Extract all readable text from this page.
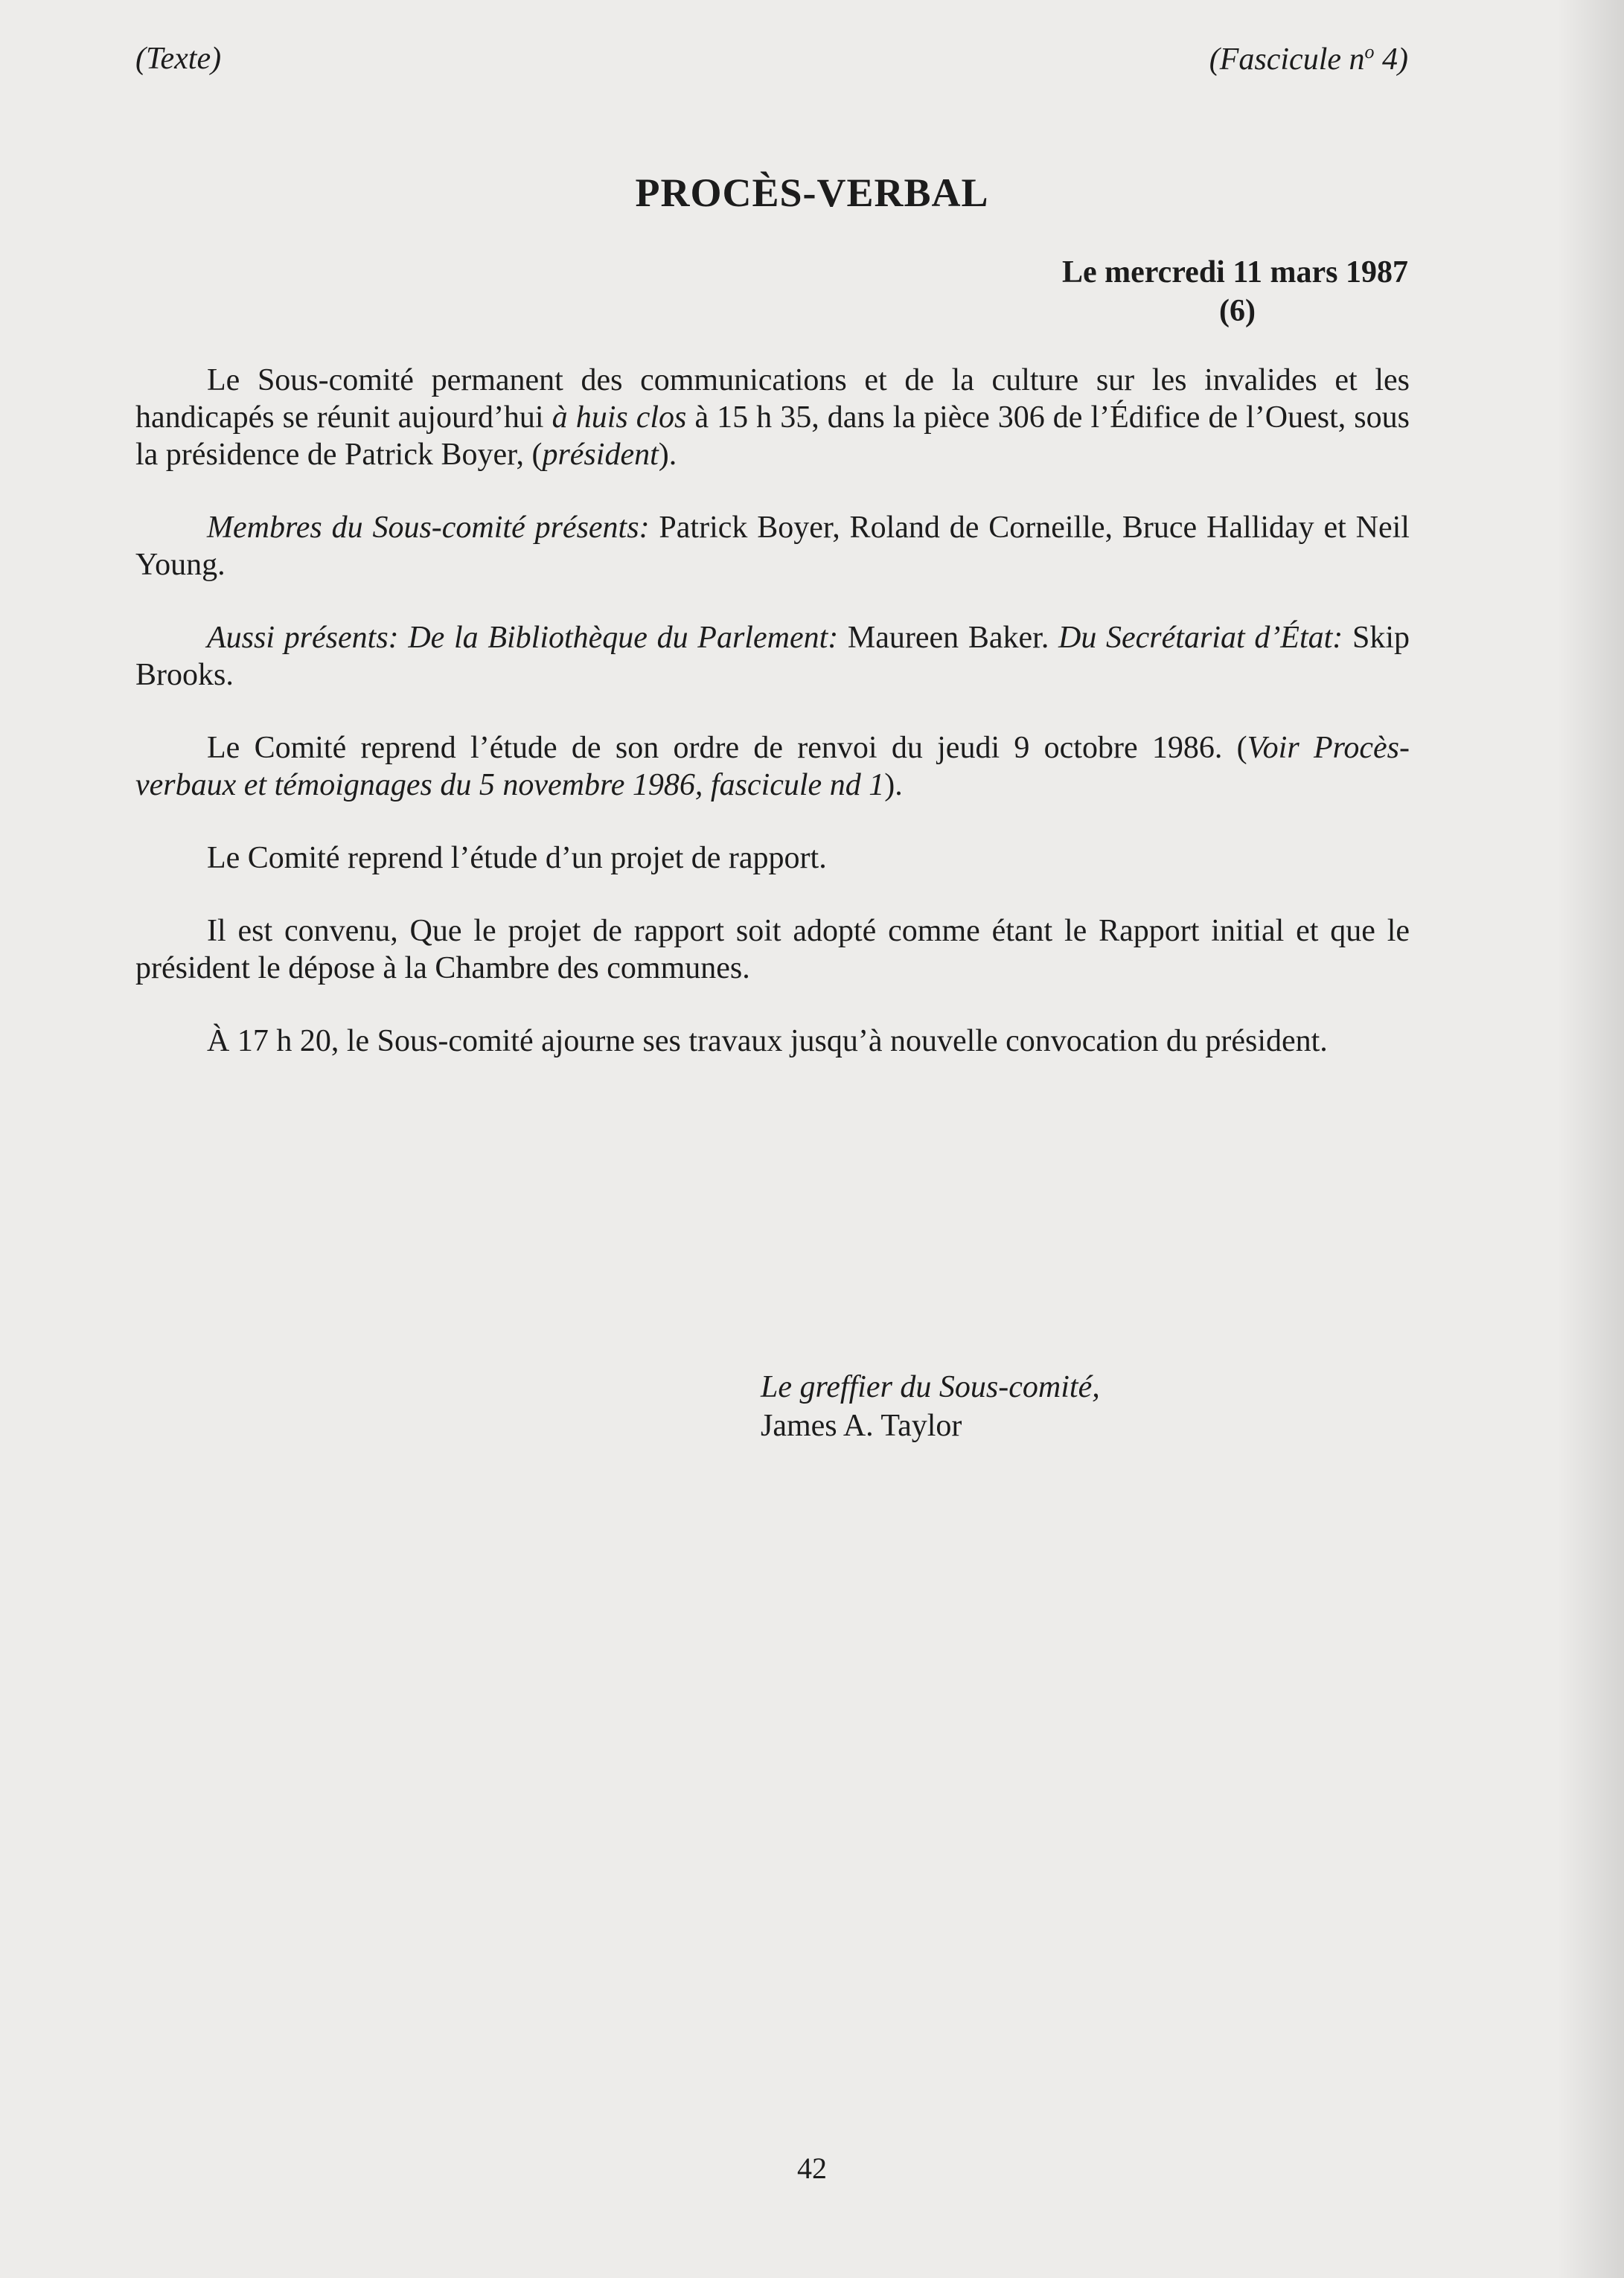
(Texte)	(Fascicule $n^o$ 4)
PROCÈS-VERBAL
Le mercredi 11 mars 1987
(6)

Le Sous-comité permanent des communications et de la culture sur les invalides et les handicapés se réunit aujourd’hui à huis clos à 15 h 35, dans la pièce 306 de l’Édifice de l’Ouest, sous la présidence de Patrick Boyer, (président).

Membres du Sous-comité présents: Patrick Boyer, Roland de Corneille, Bruce Halliday et Neil Young.

Aussi présents: De la Bibliothèque du Parlement: Maureen Baker. Du Secrétariat d’État: Skip Brooks.

Le Comité reprend l’étude de son ordre de renvoi du jeudi 9 octobre 1986. (Voir Procès-verbaux et témoignages du 5 novembre 1986, fascicule nd 1).

Le Comité reprend l’étude d’un projet de rapport.

Il est convenu, Que le projet de rapport soit adopté comme étant le Rapport initial et que le président le dépose à la Chambre des communes.

À 17 h 20, le Sous-comité ajourne ses travaux jusqu’à nouvelle convocation du président.

Le greffier du Sous-comité,
James A. Taylor
42
